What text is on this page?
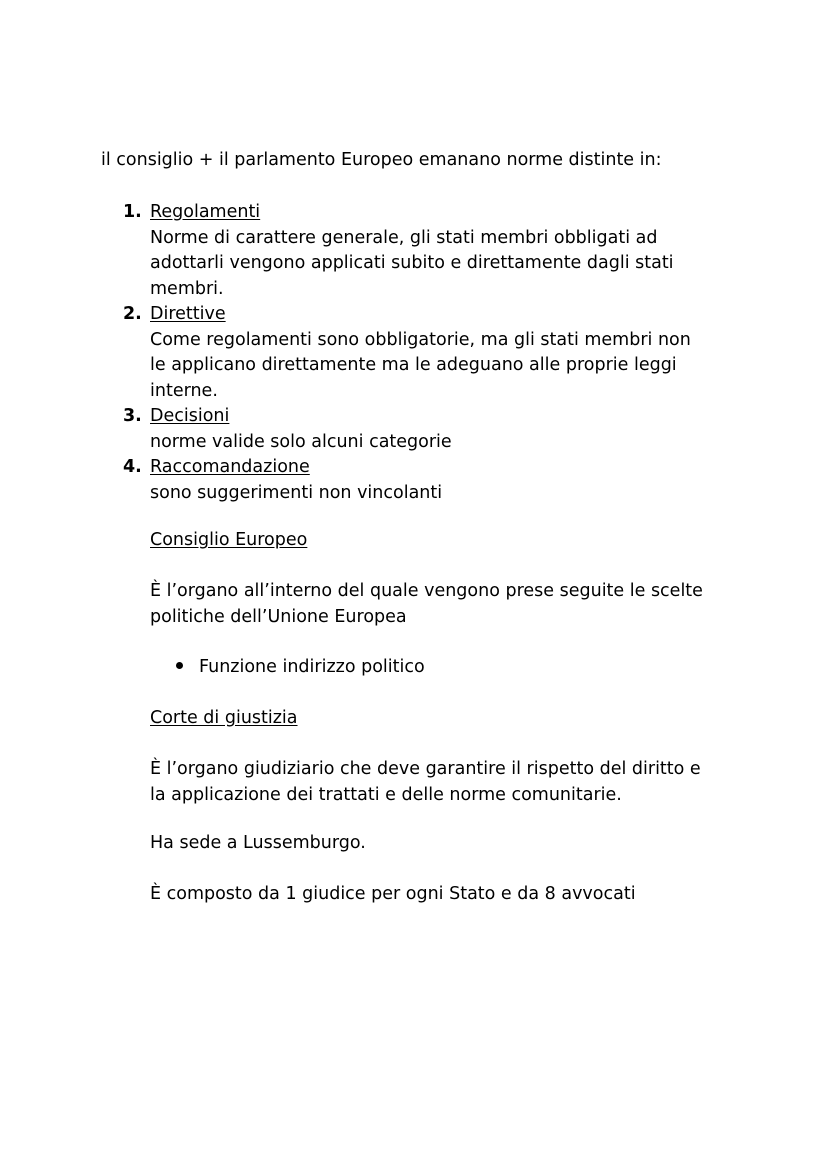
il consiglio + il parlamento Europeo emanano norme distinte in:
1. Regolamenti
Norme di carattere generale, gli stati membri obbligati ad
adottarli vengono applicati subito e direttamente dagli stati
membri.
2. Direttive
Come regolamenti sono obbligatorie, ma gli stati membri non
le applicano direttamente ma le adeguano alle proprie leggi
interne.
3. Decisioni
norme valide solo alcuni categorie
4. Raccomandazione
sono suggerimenti non vincolanti
Consiglio Europeo
È l’organo all’interno del quale vengono prese seguite le scelte
politiche dell’Unione Europea
Funzione indirizzo politico
Corte di giustizia
È l’organo giudiziario che deve garantire il rispetto del diritto e
la applicazione dei trattati e delle norme comunitarie.
Ha sede a Lussemburgo.
È composto da 1 giudice per ogni Stato e da 8 avvocati
